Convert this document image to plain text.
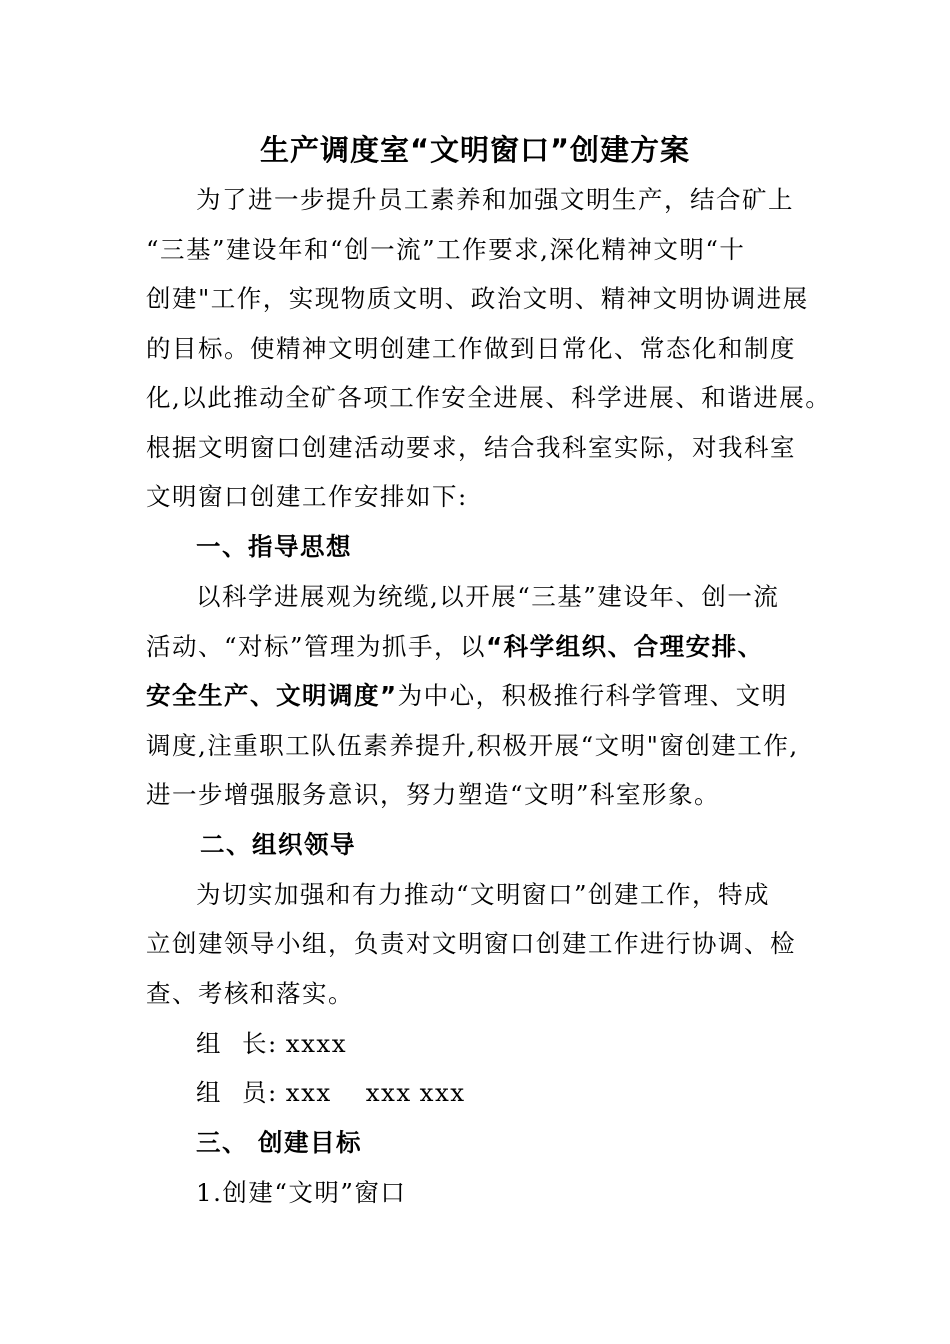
生产调度室“文明窗口”创建方案
为了进一步提升员工素养和加强文明生产，结合矿上
“三基”建设年和“创一流”工作要求,深化精神文明“十
创建"工作，实现物质文明、政治文明、精神文明协调进展
的目标。使精神文明创建工作做到日常化、常态化和制度
化,以此推动全矿各项工作安全进展、科学进展、和谐进展。
根据文明窗口创建活动要求，结合我科室实际，对我科室
文明窗口创建工作安排如下:
一、指导思想
以科学进展观为统缆,以开展“三基”建设年、创一流
活动、“对标”管理为抓手，以“科学组织、合理安排、
安全生产、文明调度”为中心，积极推行科学管理、文明
调度,注重职工队伍素养提升,积极开展“文明"窗创建工作,
进一步增强服务意识，努力塑造“文明”科室形象。
二、组织领导
为切实加强和有力推动“文明窗口”创建工作，特成
立创建领导小组，负责对文明窗口创建工作进行协调、检
查、考核和落实。
组 长: xxxx
组 员: xxx xxx xxx
三、 创建目标
1.创建“文明”窗口
